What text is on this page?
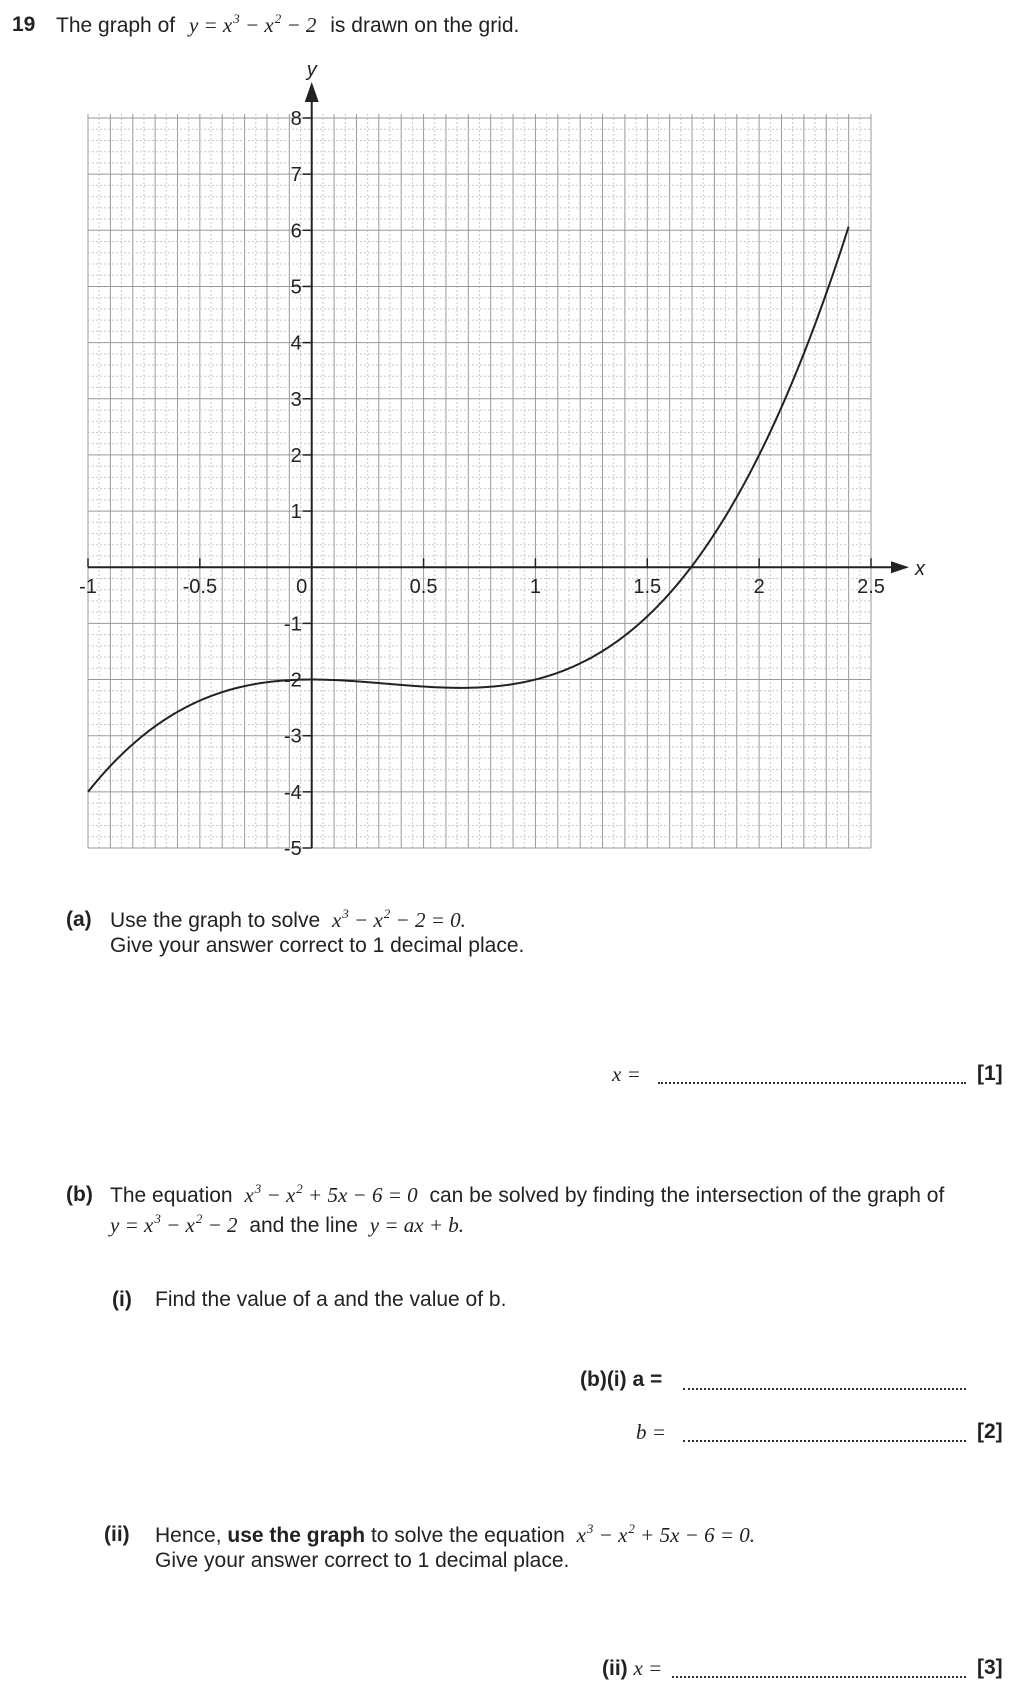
19 The graph of $y = x^3 - x^2 - 2$ is drawn on the grid.
-1	-0.5	0	0.5	1	1.5	2	2.5
8
7
6
5
4
3
2
1
-1
-2
-3
-4
-5
x
y
(a) Use the graph to solve $x^3 - x^2 - 2 = 0$.
Give your answer correct to 1 decimal place.
x =	[1]
(b) The equation $x^3 - x^2 + 5x - 6 = 0$ can be solved by finding the intersection of the graph of
$y = x^3 - x^2 - 2$ and the line y = ax + b.
(i) Find the value of a and the value of b.
(b)(i) a =
b =	[2]
(ii) Hence, use the graph to solve the equation $x^3 - x^2 + 5x - 6 = 0$.
Give your answer correct to 1 decimal place.
(ii) x =	[3]
